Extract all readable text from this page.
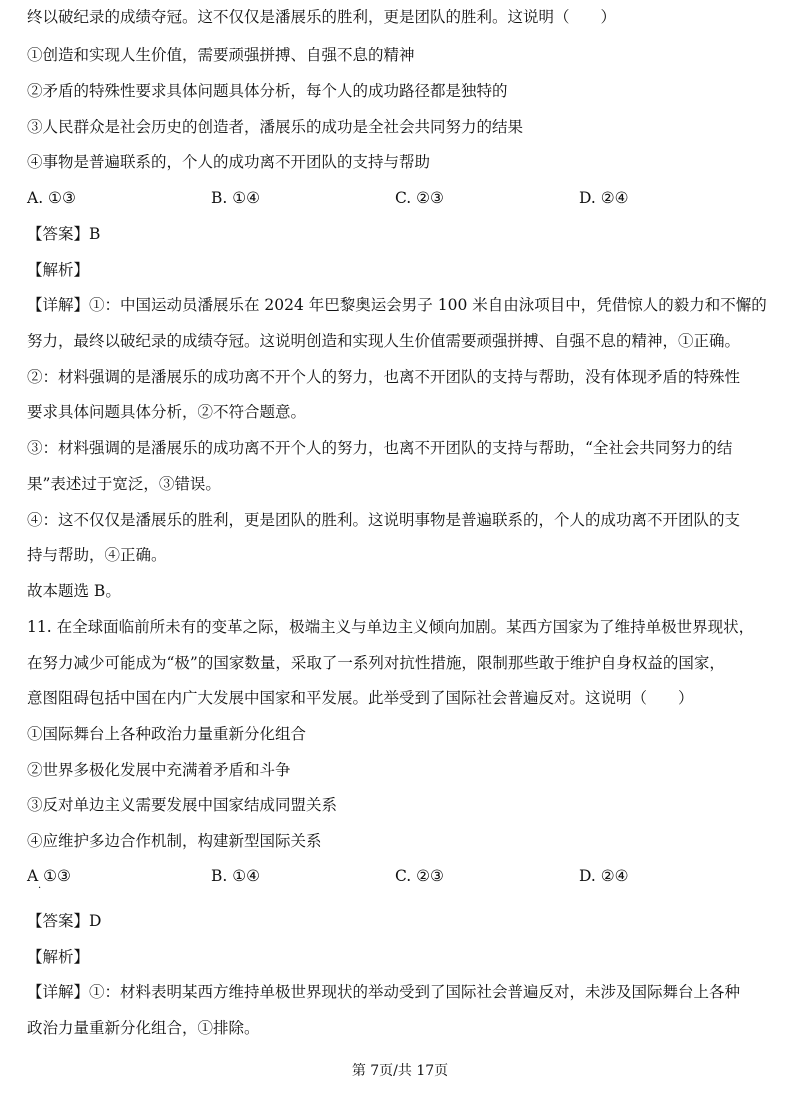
终以破纪录的成绩夺冠。这不仅仅是潘展乐的胜利，更是团队的胜利。这说明（　　）
①创造和实现人生价值，需要顽强拼搏、自强不息的精神
②矛盾的特殊性要求具体问题具体分析，每个人的成功路径都是独特的
③人民群众是社会历史的创造者，潘展乐的成功是全社会共同努力的结果
④事物是普遍联系的，个人的成功离不开团队的支持与帮助
A. ①③	B. ①④	C. ②③	D. ②④
【答案】B
【解析】
【详解】①：中国运动员潘展乐在 2024 年巴黎奥运会男子 100 米自由泳项目中，凭借惊人的毅力和不懈的
努力，最终以破纪录的成绩夺冠。这说明创造和实现人生价值需要顽强拼搏、自强不息的精神，①正确。
②：材料强调的是潘展乐的成功离不开个人的努力，也离不开团队的支持与帮助，没有体现矛盾的特殊性
要求具体问题具体分析，②不符合题意。
③：材料强调的是潘展乐的成功离不开个人的努力，也离不开团队的支持与帮助，“全社会共同努力的结
果”表述过于宽泛，③错误。
④：这不仅仅是潘展乐的胜利，更是团队的胜利。这说明事物是普遍联系的，个人的成功离不开团队的支
持与帮助，④正确。
故本题选 B。
11. 在全球面临前所未有的变革之际，极端主义与单边主义倾向加剧。某西方国家为了维持单极世界现状，
在努力减少可能成为“极”的国家数量，采取了一系列对抗性措施，限制那些敢于维护自身权益的国家，
意图阻碍包括中国在内广大发展中国家和平发展。此举受到了国际社会普遍反对。这说明（　　）
①国际舞台上各种政治力量重新分化组合
②世界多极化发展中充满着矛盾和斗争
③反对单边主义需要发展中国家结成同盟关系
④应维护多边合作机制，构建新型国际关系
A ①③
·
B. ①④	C. ②③	D. ②④
【答案】D
【解析】
【详解】①：材料表明某西方维持单极世界现状的举动受到了国际社会普遍反对，未涉及国际舞台上各种
政治力量重新分化组合，①排除。
第 7页/共 17页
